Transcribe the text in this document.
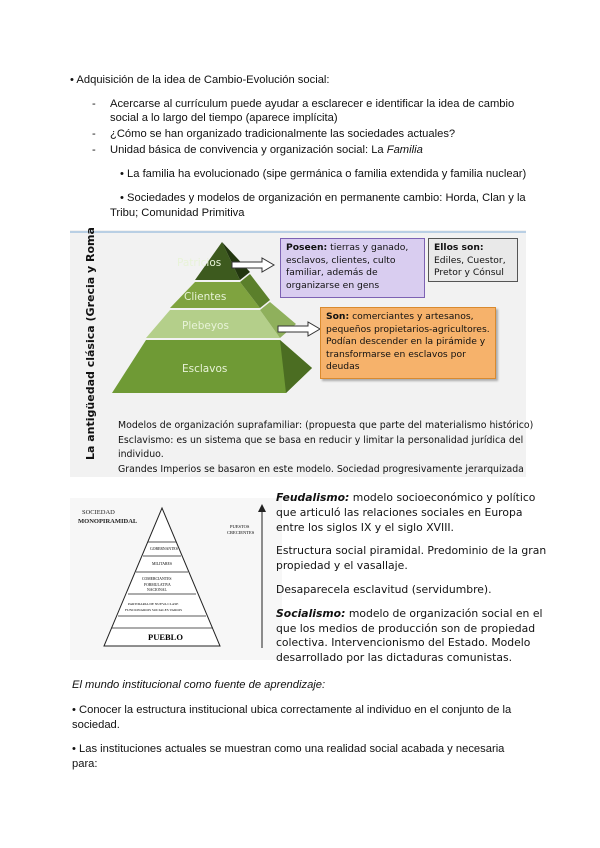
• Adquisición de la idea de Cambio-Evolución social:
- Acercarse al currículum puede ayudar a esclarecer e identificar la idea de cambio
social a lo largo del tiempo (aparece implícita)
- ¿Cómo se han organizado tradicionalmente las sociedades actuales?
- Unidad básica de convivencia y organización social: La Familia
• La familia ha evolucionado (sipe germánica o familia extendida y familia nuclear)
• Sociedades y modelos de organización en permanente cambio: Horda, Clan y la
Tribu; Comunidad Primitiva
La antigüedad clásica (Grecia y Roma	Patricios
Clientes
Plebeyos
Esclavos
Poseen: tierras y ganado, esclavos, clientes, culto familiar, además de organizarse en gens
Ellos son: Ediles, Cuestor, Pretor y Cónsul
Son: comerciantes y artesanos, pequeños propietarios-agricultores. Podían descender en la pirámide y transformarse en esclavos por deudas
Modelos de organización suprafamiliar: (propuesta que parte del materialismo histórico)
Esclavismo: es un sistema que se basa en reducir y limitar la personalidad jurídica del
individuo.
Grandes Imperios se basaron en este modelo. Sociedad progresivamente jerarquizada
SOCIEDAD
MONOPIRAMIDAL
GOBERNANTES
MILITARES
COMERCIANTES
FORMULATIVA
NACIONAL
PARTIDARIA DE NUEVA CLASE
FUNCIONARIOS SOCIALES VARIOS
PUEBLO
PUESTOS
CRECIENTES
Feudalismo: modelo socioeconómico y político
que articuló las relaciones sociales en Europa
entre los siglos IX y el siglo XVIII.
Estructura social piramidal. Predominio de la gran
propiedad y el vasallaje.
Desaparecela esclavitud (servidumbre).
Socialismo: modelo de organización social en el
que los medios de producción son de propiedad
colectiva. Intervencionismo del Estado. Modelo
desarrollado por las dictaduras comunistas.
El mundo institucional como fuente de aprendizaje:
• Conocer la estructura institucional ubica correctamente al individuo en el conjunto de la
sociedad.
• Las instituciones actuales se muestran como una realidad social acabada y necesaria
para:
